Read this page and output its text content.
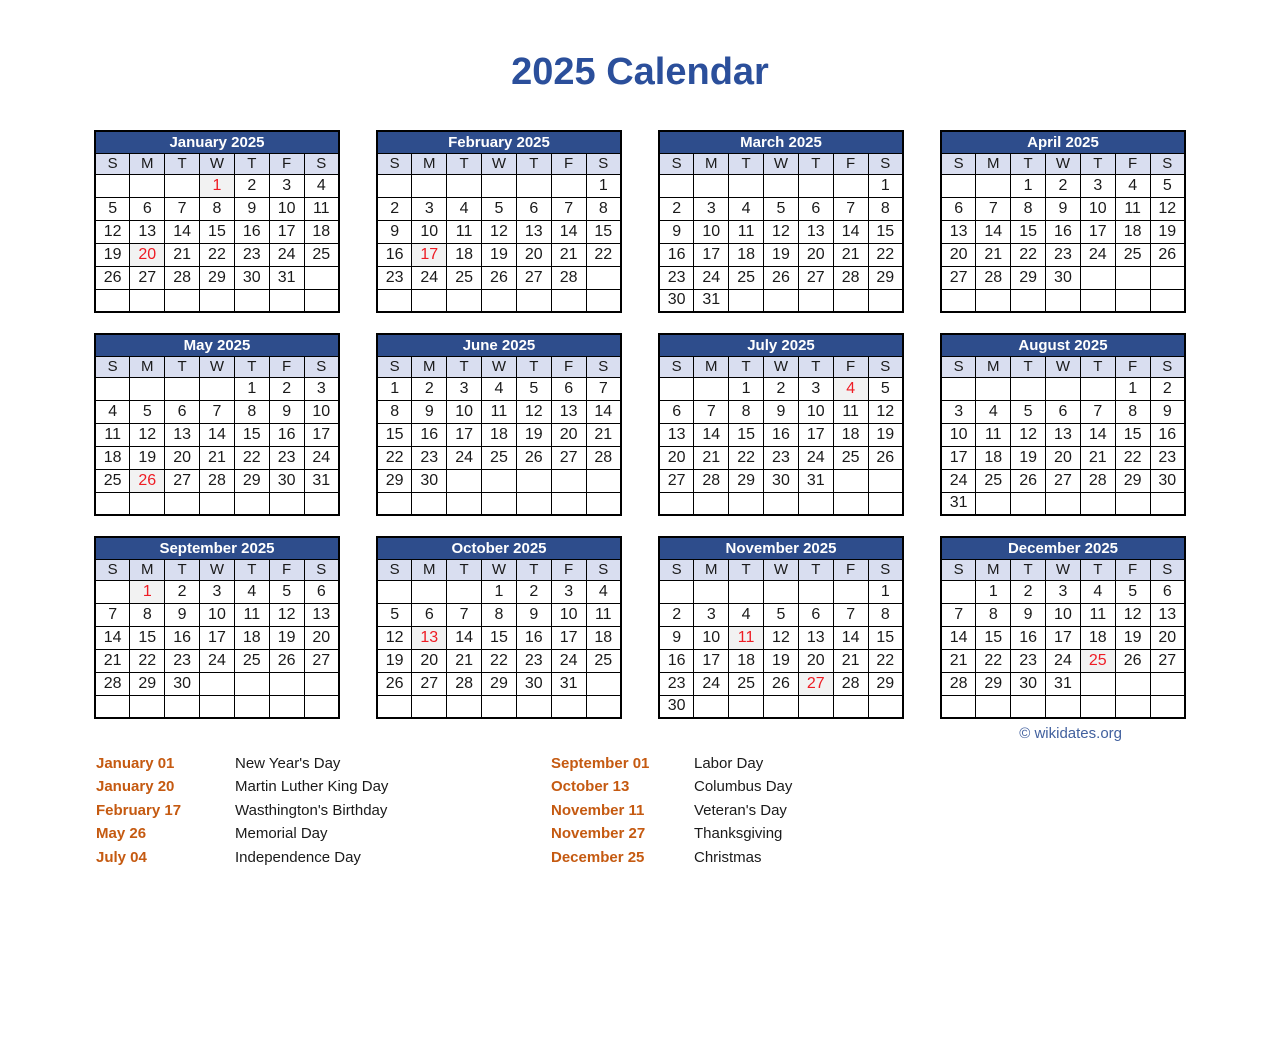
2025 Calendar
January 2025						
S	M	T	W	T	F	S
			1	2	3	4
5	6	7	8	9	10	11
12	13	14	15	16	17	18
19	20	21	22	23	24	25
26	27	28	29	30	31	

February 2025						
S	M	T	W	T	F	S
						1
2	3	4	5	6	7	8
9	10	11	12	13	14	15
16	17	18	19	20	21	22
23	24	25	26	27	28	

March 2025						
S	M	T	W	T	F	S
						1
2	3	4	5	6	7	8
9	10	11	12	13	14	15
16	17	18	19	20	21	22
23	24	25	26	27	28	29
30	31					
April 2025						
S	M	T	W	T	F	S
		1	2	3	4	5
6	7	8	9	10	11	12
13	14	15	16	17	18	19
20	21	22	23	24	25	26
27	28	29	30			

May 2025						
S	M	T	W	T	F	S
				1	2	3
4	5	6	7	8	9	10
11	12	13	14	15	16	17
18	19	20	21	22	23	24
25	26	27	28	29	30	31

June 2025						
S	M	T	W	T	F	S
1	2	3	4	5	6	7
8	9	10	11	12	13	14
15	16	17	18	19	20	21
22	23	24	25	26	27	28
29	30					

July 2025						
S	M	T	W	T	F	S
		1	2	3	4	5
6	7	8	9	10	11	12
13	14	15	16	17	18	19
20	21	22	23	24	25	26
27	28	29	30	31		

August 2025						
S	M	T	W	T	F	S
					1	2
3	4	5	6	7	8	9
10	11	12	13	14	15	16
17	18	19	20	21	22	23
24	25	26	27	28	29	30
31						
September 2025						
S	M	T	W	T	F	S
	1	2	3	4	5	6
7	8	9	10	11	12	13
14	15	16	17	18	19	20
21	22	23	24	25	26	27
28	29	30				

October 2025						
S	M	T	W	T	F	S
			1	2	3	4
5	6	7	8	9	10	11
12	13	14	15	16	17	18
19	20	21	22	23	24	25
26	27	28	29	30	31	

November 2025						
S	M	T	W	T	F	S
						1
2	3	4	5	6	7	8
9	10	11	12	13	14	15
16	17	18	19	20	21	22
23	24	25	26	27	28	29
30						
December 2025						
S	M	T	W	T	F	S
	1	2	3	4	5	6
7	8	9	10	11	12	13
14	15	16	17	18	19	20
21	22	23	24	25	26	27
28	29	30	31			

© wikidates.org
January 01	New Year's Day
January 20	Martin Luther King Day
February 17	Wasthington's Birthday
May 26	Memorial Day
July 04	Independence Day
September 01	Labor Day
October 13	Columbus Day
November 11	Veteran's Day
November 27	Thanksgiving
December 25	Christmas
